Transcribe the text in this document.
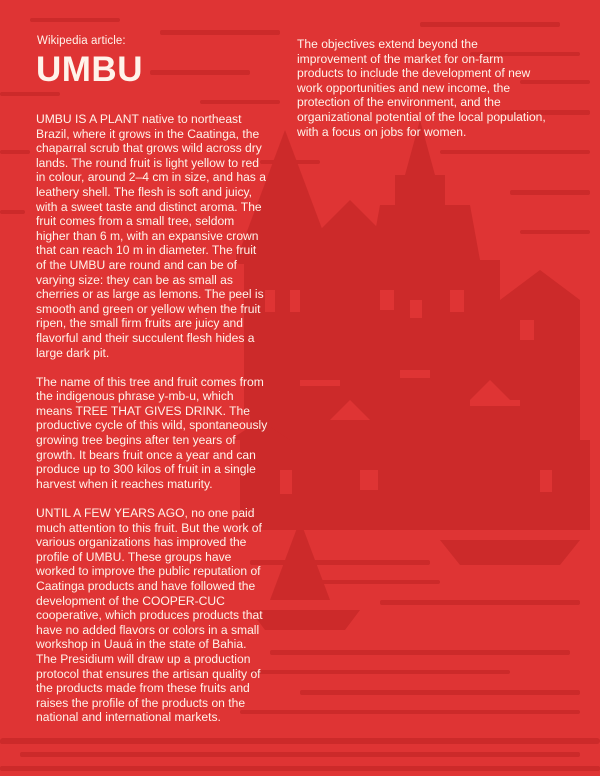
Wikipedia article:
UMBU

UMBU IS A PLANT native to northeast Brazil, where it grows in the Caatinga, the chaparral scrub that grows wild across dry lands. The round fruit is light yellow to red in colour, around 2–4 cm in size, and has a leathery shell. The flesh is soft and juicy, with a sweet taste and distinct aroma. The fruit comes from a small tree, seldom higher than 6 m, with an expansive crown that can reach 10 m in diameter. The fruit of the UMBU are round and can be of varying size: they can be as small as cherries or as large as lemons. The peel is smooth and green or yellow when the fruit ripen, the small firm fruits are juicy and flavorful and their succulent flesh hides a large dark pit.

The name of this tree and fruit comes from the indigenous phrase y-mb-u, which means TREE THAT GIVES DRINK. The productive cycle of this wild, spontaneously growing tree begins after ten years of growth. It bears fruit once a year and can produce up to 300 kilos of fruit in a single harvest when it reaches maturity.

UNTIL A FEW YEARS AGO, no one paid much attention to this fruit. But the work of various organizations has improved the profile of UMBU. These groups have worked to improve the public reputation of Caatinga products and have followed the development of the COOPER-CUC cooperative, which produces products that have no added flavors or colors in a small workshop in Uauá in the state of Bahia. The Presidium will draw up a production protocol that ensures the artisan quality of the products made from these fruits and raises the profile of the products on the national and international markets.

The objectives extend beyond the improvement of the market for on-farm products to include the development of new work opportunities and new income, the protection of the environment, and the organizational potential of the local population, with a focus on jobs for women.
